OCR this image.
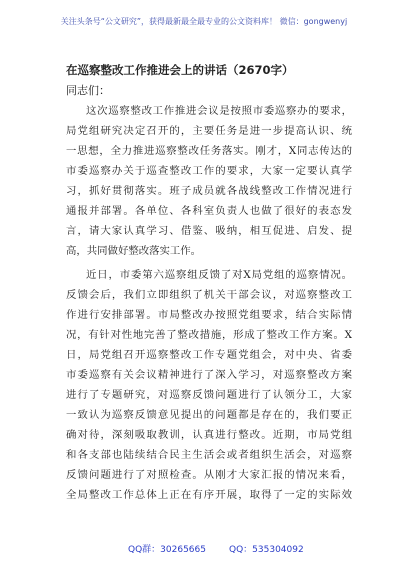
关注头条号“公文研究”，获得最新最全最专业的公文资料库！ 微信：gongwenyj
在巡察整改工作推进会上的讲话（2670字）
同志们：
这次巡察整改工作推进会议是按照市委巡察办的要求，
局党组研究决定召开的，主要任务是进一步提高认识、统
一思想，全力推进巡察整改任务落实。刚才，X同志传达的
市委巡察办关于巡查整改工作的要求，大家一定要认真学
习，抓好贯彻落实。班子成员就各战线整改工作情况进行
通报并部署。各单位、各科室负责人也做了很好的表态发
言，请大家认真学习、借鉴、吸纳，相互促进、启发、提
高，共同做好整改落实工作。
近日，市委第六巡察组反馈了对X局党组的巡察情况。
反馈会后，我们立即组织了机关干部会议，对巡察整改工
作进行安排部署。市局整改办按照党组要求，结合实际情
况，有针对性地完善了整改措施，形成了整改工作方案。X
日，局党组召开巡察整改工作专题党组会，对中央、省委
市委巡察有关会议精神进行了深入学习，对巡察整改方案
进行了专题研究，对巡察反馈问题进行了认领分工，大家
一致认为巡察反馈意见提出的问题都是存在的，我们要正
确对待，深刻吸取教训，认真进行整改。近期，市局党组
和各支部也陆续结合民主生活会或者组织生活会，对巡察
反馈问题进行了对照检查。从刚才大家汇报的情况来看，
全局整改工作总体上正在有序开展，取得了一定的实际效
QQ群：30265665	QQ：535304092
